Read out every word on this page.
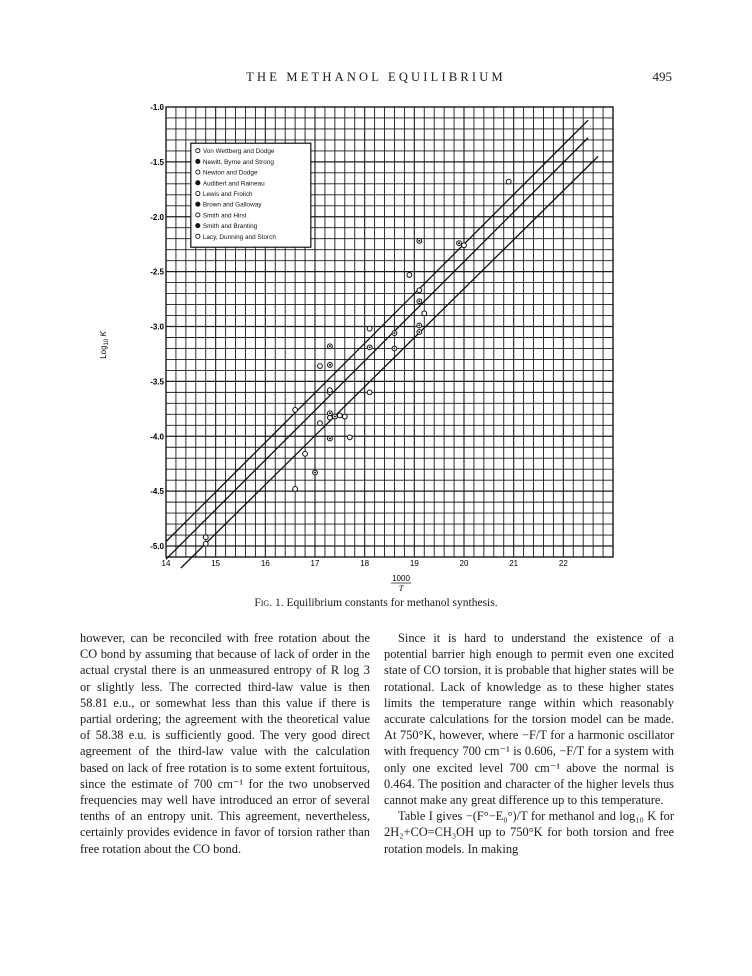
THE METHANOL EQUILIBRIUM	495
-1.0
-1.5
-2.0
-2.5
-3.0
-3.5
-4.0
-4.5
-5.0
14	15	16	17	18	19	20	21	22
Von Wettberg and Dodge
Newitt, Byrne and Strong
Newton and Dodge
Audibert and Raineau
Lewis and Frolich
Brown and Galloway
Smith and Hirst
Smith and Branting
Lacy, Dunning and Storch
Log$_{10}$ K
1000
T
Fig. 1. Equilibrium constants for methanol synthesis.

however, can be reconciled with free rotation about the CO bond by assuming that because of lack of order in the actual crystal there is an unmeasured entropy of R log 3 or slightly less. The corrected third-law value is then 58.81 e.u., or somewhat less than this value if there is partial ordering; the agreement with the theoretical value of 58.38 e.u. is sufficiently good. The very good direct agreement of the third-law value with the calculation based on lack of free rotation is to some extent fortuitous, since the estimate of 700 cm⁻¹ for the two unobserved frequencies may well have introduced an error of several tenths of an entropy unit. This agreement, nevertheless, certainly provides evidence in favor of torsion rather than free rotation about the CO bond.

Since it is hard to understand the existence of a potential barrier high enough to permit even one excited state of CO torsion, it is probable that higher states will be rotational. Lack of knowledge as to these higher states limits the temperature range within which reasonably accurate calculations for the torsion model can be made. At 750°K, however, where −F/T for a harmonic oscillator with frequency 700 cm⁻¹ is 0.606, −F/T for a system with only one excited level 700 cm⁻¹ above the normal is 0.464. The position and character of the higher levels thus cannot make any great difference up to this temperature.

Table I gives −(F°−E₀°)/T for methanol and log₁₀ K for 2H₂+CO=CH₃OH up to 750°K for both torsion and free rotation models. In making
